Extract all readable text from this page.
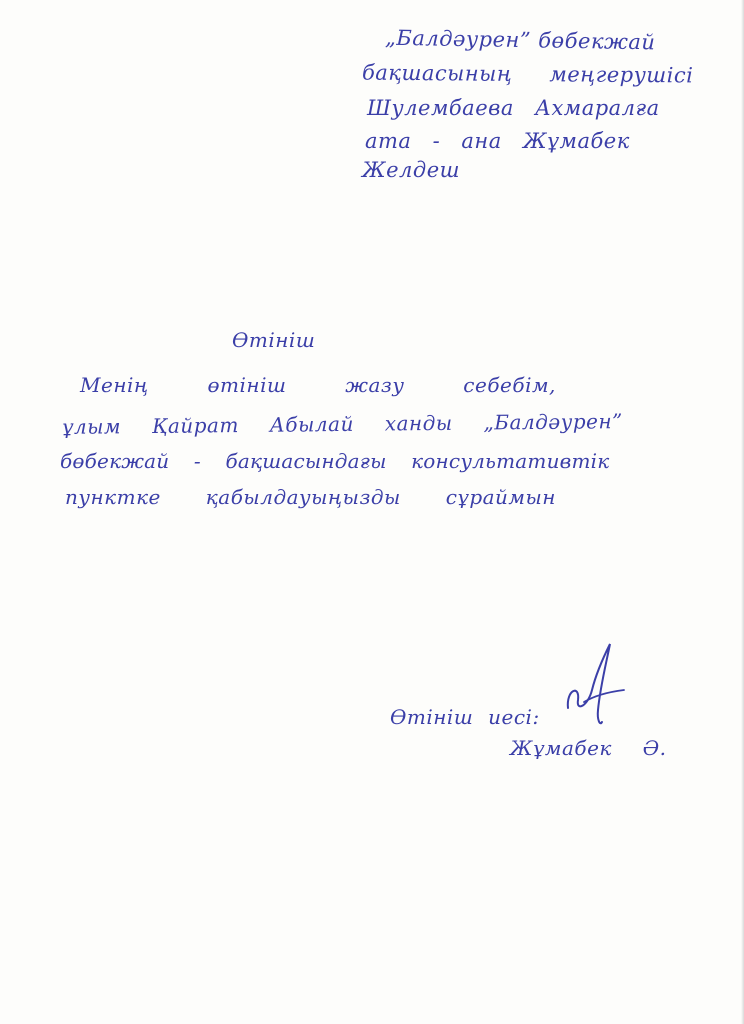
„Балдәурен” бөбекжай
бақшасының меңгерушісі
Шулембаева Ахмаралға
ата - ана Жұмабек
Желдеш
Өтініш
Менің өтініш жазу себебім,
ұлым Қайрат Абылай ханды „Балдәурен”
бөбекжай - бақшасындағы консультативтік
пунктке қабылдауыңызды сұраймын
Өтініш иесі:
Жұмабек Ә.
